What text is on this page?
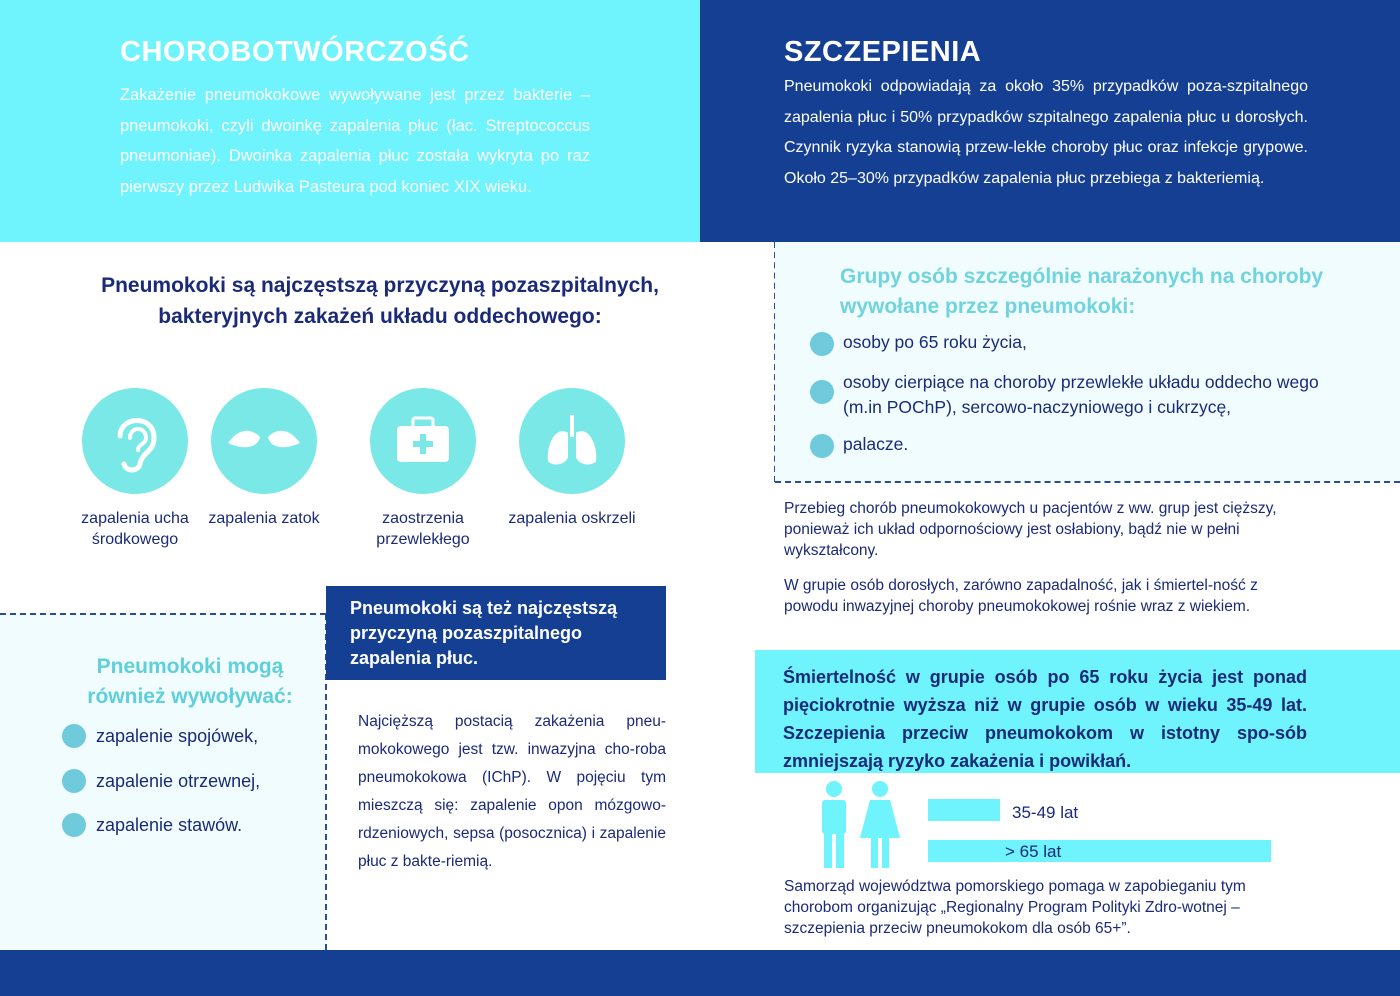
CHOROBOTWÓRCZOŚĆ

Zakażenie pneumokokowe wywoływane jest przez bakterie – pneumokoki, czyli dwoinkę zapalenia płuc (łac. Streptococcus pneumoniae). Dwoinka zapalenia płuc została wykryta po raz pierwszy przez Ludwika Pasteura pod koniec XIX wieku.

SZCZEPIENIA

Pneumokoki odpowiadają za około 35% przypadków poza-szpitalnego zapalenia płuc i 50% przypadków szpitalnego zapalenia płuc u dorosłych. Czynnik ryzyka stanowią przew-lekłe choroby płuc oraz infekcje grypowe. Około 25–30% przypadków zapalenia płuc przebiega z bakteriemią.

Pneumokoki są najczęstszą przyczyną pozaszpitalnych, bakteryjnych zakażeń układu oddechowego:

zapalenia ucha środkowego
zapalenia zatok	zaostrzenia przewlekłego
zapalenia oskrzeli

Pneumokoki mogą również wywoływać:

zapalenie spojówek,
zapalenie otrzewnej,
zapalenie stawów.

Pneumokoki są też najczęstszą przyczyną pozaszpitalnego zapalenia płuc.

Najcięższą postacią zakażenia pneu-mokokowego jest tzw. inwazyjna cho-roba pneumokokowa (IChP). W pojęciu tym mieszczą się: zapalenie opon mózgowo-rdzeniowych, sepsa (posocznica) i zapalenie płuc z bakte-riemią.

Grupy osób szczególnie narażonych na choroby wywołane przez pneumokoki:

osoby po 65 roku życia,
osoby cierpiące na choroby przewlekłe układu oddecho wego (m.in POChP), sercowo-naczyniowego i cukrzycę,
palacze.

Przebieg chorób pneumokokowych u pacjentów z ww. grup jest cięższy, ponieważ ich układ odpornościowy jest osłabiony, bądź nie w pełni wykształcony.

W grupie osób dorosłych, zarówno zapadalność, jak i śmiertel-ność z powodu inwazyjnej choroby pneumokokowej rośnie wraz z wiekiem.

Śmiertelność w grupie osób po 65 roku życia jest ponad pięciokrotnie wyższa niż w grupie osób w wieku 35-49 lat. Szczepienia przeciw pneumokokom w istotny spo-sób zmniejszają ryzyko zakażenia i powikłań.

35-49 lat
> 65 lat

Samorząd województwa pomorskiego pomaga w zapobieganiu tym chorobom organizując „Regionalny Program Polityki Zdro-wotnej – szczepienia przeciw pneumokokom dla osób 65+”.
